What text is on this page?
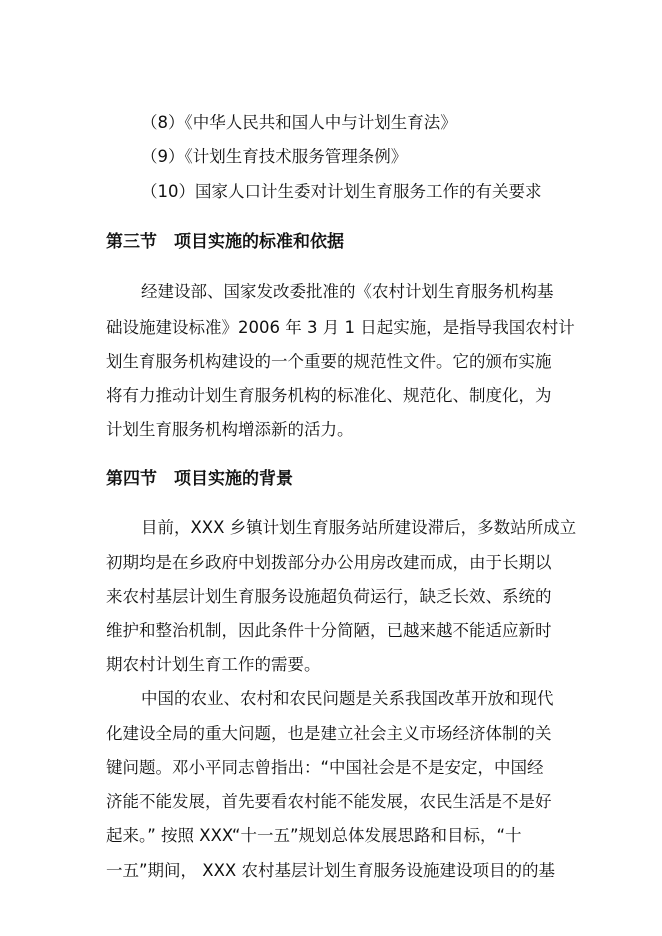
（8）《中华人民共和国人中与计划生育法》

（9）《计划生育技术服务管理条例》

（10）国家人口计生委对计划生育服务工作的有关要求

第三节　项目实施的标准和依据

经建设部、国家发改委批准的《农村计划生育服务机构基

础设施建设标准》2006 年 3 月 1 日起实施，是指导我国农村计

划生育服务机构建设的一个重要的规范性文件。它的颁布实施

将有力推动计划生育服务机构的标准化、规范化、制度化，为

计划生育服务机构增添新的活力。

第四节　项目实施的背景

目前，XXX 乡镇计划生育服务站所建设滞后，多数站所成立

初期均是在乡政府中划拨部分办公用房改建而成，由于长期以

来农村基层计划生育服务设施超负荷运行，缺乏长效、系统的

维护和整治机制，因此条件十分简陋，已越来越不能适应新时

期农村计划生育工作的需要。

中国的农业、农村和农民问题是关系我国改革开放和现代

化建设全局的重大问题，也是建立社会主义市场经济体制的关

键问题。邓小平同志曾指出：“中国社会是不是安定，中国经

济能不能发展，首先要看农村能不能发展，农民生活是不是好

起来。” 按照 XXX“十一五”规划总体发展思路和目标，“十

一五”期间， XXX 农村基层计划生育服务设施建设项目的的基
